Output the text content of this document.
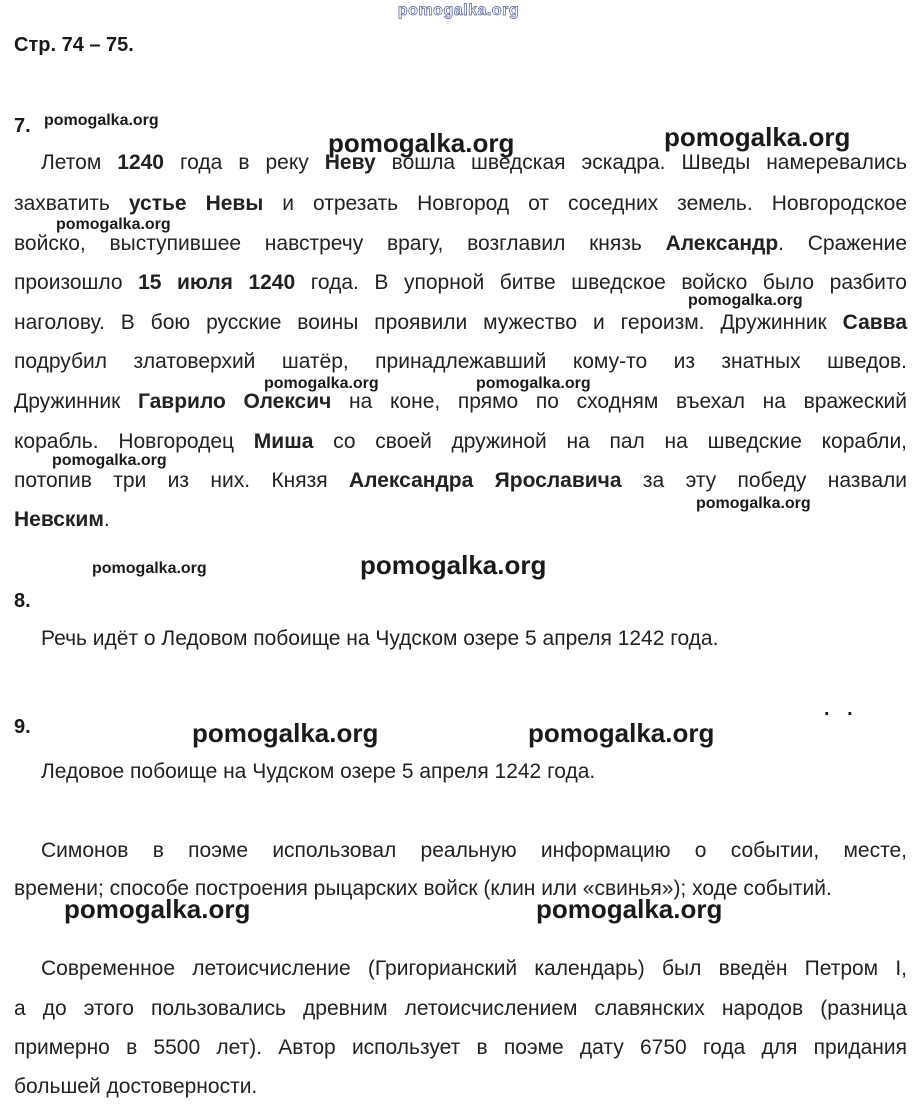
pomogalka.org
Стр. 74 – 75.
7. pomogalka.org
pomogalka.org	pomogalka.org
pomogalka.org
pomogalka.org
pomogalka.org	pomogalka.org
pomogalka.org
pomogalka.org
Летом 1240 года в реку Неву вошла шведская эскадра. Шведы намеревались
захватить устье Невы и отрезать Новгород от соседних земель. Новгородское
войско, выступившее навстречу врагу, возглавил князь Александр. Сражение
произошло 15 июля 1240 года. В упорной битве шведское войско было разбито
наголову. В бою русские воины проявили мужество и героизм. Дружинник Савва
подрубил златоверхий шатёр, принадлежавший кому-то из знатных шведов.
Дружинник Гаврило Олексич на коне, прямо по сходням въехал на вражеский
корабль. Новгородец Миша со своей дружиной на пал на шведские корабли,
потопив три из них. Князя Александра Ярославича за эту победу назвали
Невским.
pomogalka.org	pomogalka.org
8.
Речь идёт о Ледовом побоище на Чудском озере 5 апреля 1242 года.
9.
. .
pomogalka.org	pomogalka.org
Ледовое побоище на Чудском озере 5 апреля 1242 года.
Симонов в поэме использовал реальную информацию о событии, месте,
времени; способе построения рыцарских войск (клин или «свинья»); ходе событий.
pomogalka.org	pomogalka.org
Современное летоисчисление (Григорианский календарь) был введён Петром I,
а до этого пользовались древним летоисчислением славянских народов (разница
примерно в 5500 лет). Автор использует в поэме дату 6750 года для придания
большей достоверности.
